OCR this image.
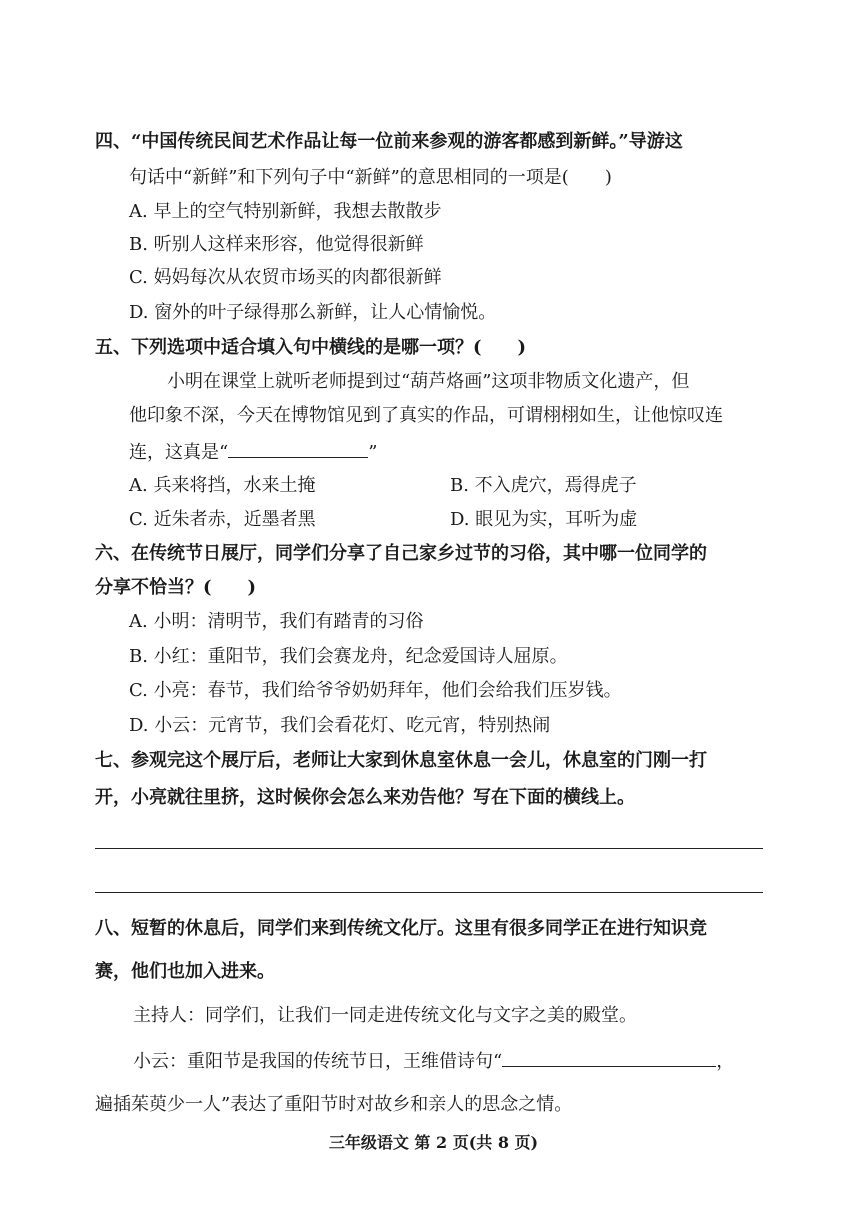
四、“中国传统民间艺术作品让每一位前来参观的游客都感到新鲜。”导游这
句话中“新鲜”和下列句子中“新鲜”的意思相同的一项是(　　)
A. 早上的空气特别新鲜，我想去散散步
B. 听别人这样来形容，他觉得很新鲜
C. 妈妈每次从农贸市场买的肉都很新鲜
D. 窗外的叶子绿得那么新鲜，让人心情愉悦。
五、下列选项中适合填入句中横线的是哪一项？(　　)
小明在课堂上就听老师提到过“葫芦烙画”这项非物质文化遗产，但
他印象不深，今天在博物馆见到了真实的作品，可谓栩栩如生，让他惊叹连
连，这真是“	”
A. 兵来将挡，水来土掩	B. 不入虎穴，焉得虎子
C. 近朱者赤，近墨者黑	D. 眼见为实，耳听为虚
六、在传统节日展厅，同学们分享了自己家乡过节的习俗，其中哪一位同学的
分享不恰当？(　　)
A. 小明：清明节，我们有踏青的习俗
B. 小红：重阳节，我们会赛龙舟，纪念爱国诗人屈原。
C. 小亮：春节，我们给爷爷奶奶拜年，他们会给我们压岁钱。
D. 小云：元宵节，我们会看花灯、吃元宵，特别热闹
七、参观完这个展厅后，老师让大家到休息室休息一会儿，休息室的门刚一打
开，小亮就往里挤，这时候你会怎么来劝告他？写在下面的横线上。
八、短暂的休息后，同学们来到传统文化厅。这里有很多同学正在进行知识竞
赛，他们也加入进来。
主持人：同学们，让我们一同走进传统文化与文字之美的殿堂。
小云：重阳节是我国的传统节日，王维借诗句“	，
遍插茱萸少一人”表达了重阳节时对故乡和亲人的思念之情。
三年级语文 第 2 页(共 8 页)
